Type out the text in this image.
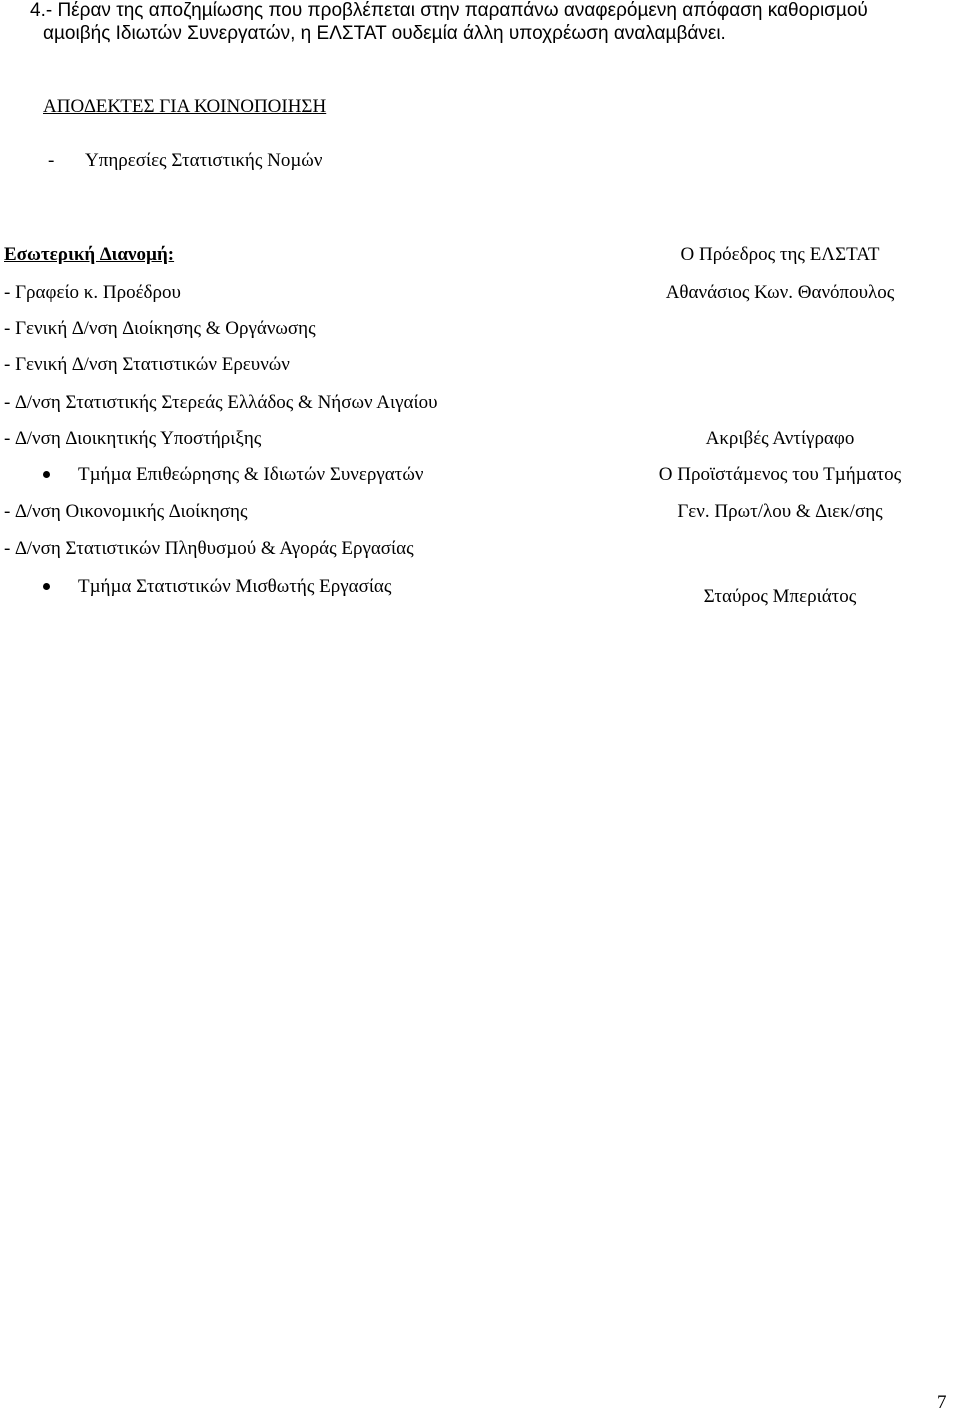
4.- Πέραν της αποζηµίωσης που προβλέπεται στην παραπάνω αναφερόµενη απόφαση καθορισµού
αµοιβής Ιδιωτών Συνεργατών, η ΕΛΣΤΑΤ ουδεµία άλλη υποχρέωση αναλαµβάνει.
ΑΠΟ∆ΕΚΤΕΣ ΓΙΑ ΚΟΙΝΟΠΟΙΗΣΗ
- Υπηρεσίες Στατιστικής Νοµών
Εσωτερική ∆ιανοµή:
- Γραφείο κ. Προέδρου
- Γενική ∆/νση ∆ιοίκησης & Οργάνωσης
- Γενική ∆/νση Στατιστικών Ερευνών
- ∆/νση Στατιστικής Στερεάς Ελλάδος & Νήσων Αιγαίου
- ∆/νση ∆ιοικητικής Υποστήριξης
Τµήµα Επιθεώρησης & Ιδιωτών Συνεργατών
- ∆/νση Οικονοµικής ∆ιοίκησης
- ∆/νση Στατιστικών Πληθυσµού & Αγοράς Εργασίας
Τµήµα Στατιστικών Μισθωτής Εργασίας
Ο Πρόεδρος της ΕΛΣΤΑΤ
Αθανάσιος Κων. Θανόπουλος
Ακριβές Αντίγραφο
Ο Προϊστάµενος του Τµήµατος
Γεν. Πρωτ/λου & ∆ιεκ/σης
Σταύρος Μπεριάτος
7
